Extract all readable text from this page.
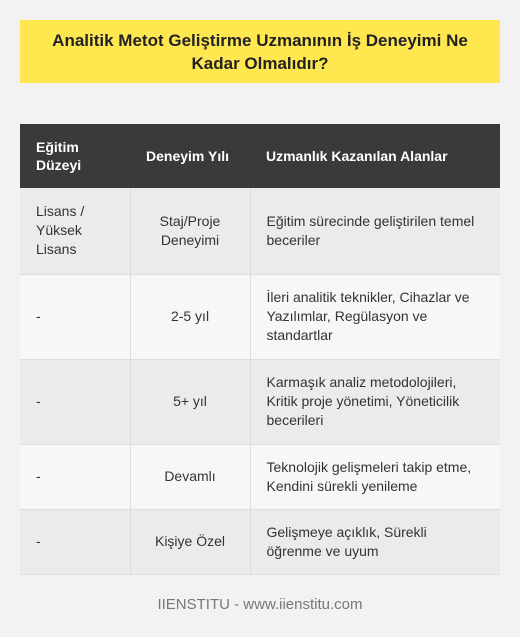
Analitik Metot Geliştirme Uzmanının İş Deneyimi Ne Kadar Olmalıdır?
Eğitim Düzeyi	Deneyim Yılı	Uzmanlık Kazanılan Alanlar
Lisans / Yüksek Lisans	Staj/Proje Deneyimi	Eğitim sürecinde geliştirilen temel beceriler
-	2-5 yıl	İleri analitik teknikler, Cihazlar ve Yazılımlar, Regülasyon ve standartlar
-	5+ yıl	Karmaşık analiz metodolojileri, Kritik proje yönetimi, Yöneticilik becerileri
-	Devamlı	Teknolojik gelişmeleri takip etme, Kendini sürekli yenileme
-	Kişiye Özel	Gelişmeye açıklık, Sürekli öğrenme ve uyum
IIENSTITU - www.iienstitu.com
